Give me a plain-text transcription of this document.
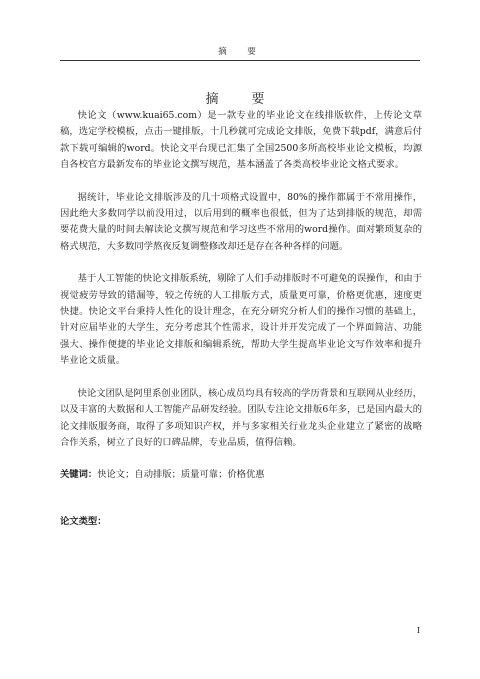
摘　要
摘　要

快论文（www.kuai65.com）是一款专业的毕业论文在线排版软件，上传论文草稿，选定学校模板，点击一键排版，十几秒就可完成论文排版，免费下载pdf，满意后付款下载可编辑的word。快论文平台现已汇集了全国2500多所高校毕业论文模板，均源自各校官方最新发布的毕业论文撰写规范，基本涵盖了各类高校毕业论文格式要求。

据统计，毕业论文排版涉及的几十项格式设置中，80%的操作都属于不常用操作，因此绝大多数同学以前没用过，以后用到的概率也很低，但为了达到排版的规范，却需要花费大量的时间去解读论文撰写规范和学习这些不常用的word操作。面对繁琐复杂的格式规范，大多数同学熬夜反复调整修改却还是存在各种各样的问题。

基于人工智能的快论文排版系统，剔除了人们手动排版时不可避免的误操作，和由于视觉疲劳导致的错漏等，较之传统的人工排版方式，质量更可靠，价格更优惠，速度更快捷。快论文平台秉持人性化的设计理念，在充分研究分析人们的操作习惯的基础上，针对应届毕业的大学生，充分考虑其个性需求，设计并开发完成了一个界面简洁、功能强大、操作便捷的毕业论文排版和编辑系统，帮助大学生提高毕业论文写作效率和提升毕业论文质量。

快论文团队是阿里系创业团队，核心成员均具有较高的学历背景和互联网从业经历，以及丰富的大数据和人工智能产品研发经验。团队专注论文排版6年多，已是国内最大的论文排版服务商，取得了多项知识产权，并与多家相关行业龙头企业建立了紧密的战略合作关系，树立了良好的口碑品牌，专业品质，值得信赖。

关键词：快论文；自动排版；质量可靠；价格优惠
论文类型：
I
